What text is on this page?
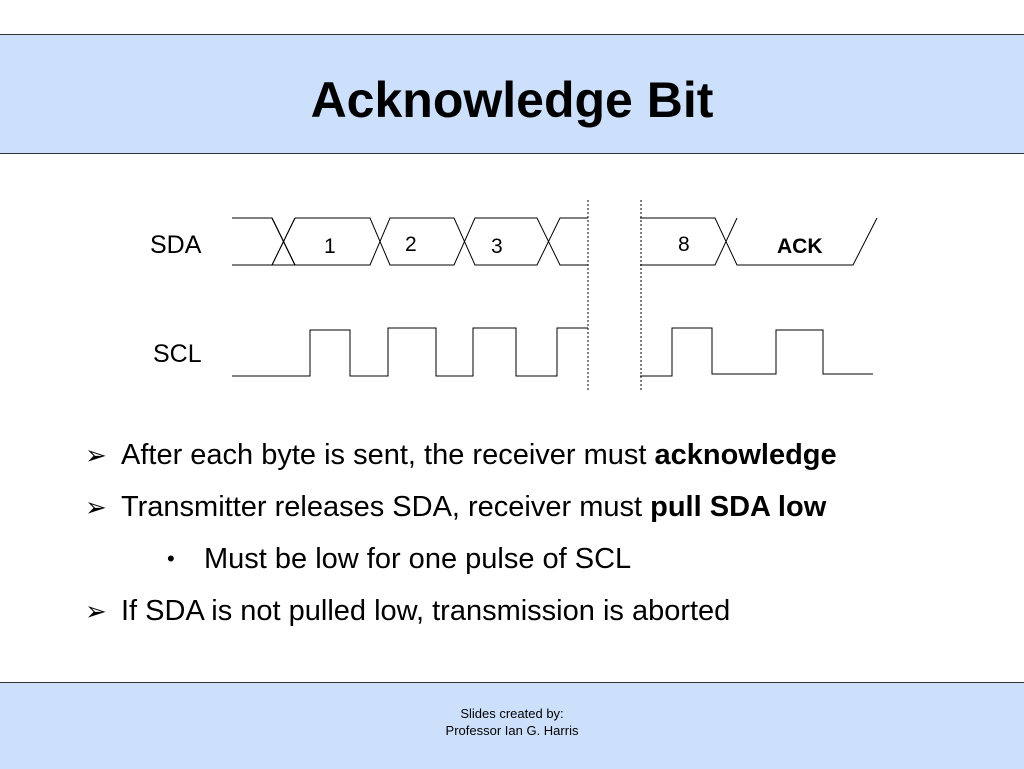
Acknowledge Bit
SDA
SCL
1	2	3	8	ACK
➢ After each byte is sent, the receiver must acknowledge
➢ Transmitter releases SDA, receiver must pull SDA low
• Must be low for one pulse of SCL
➢ If SDA is not pulled low, transmission is aborted
Slides created by:
Professor Ian G. Harris
